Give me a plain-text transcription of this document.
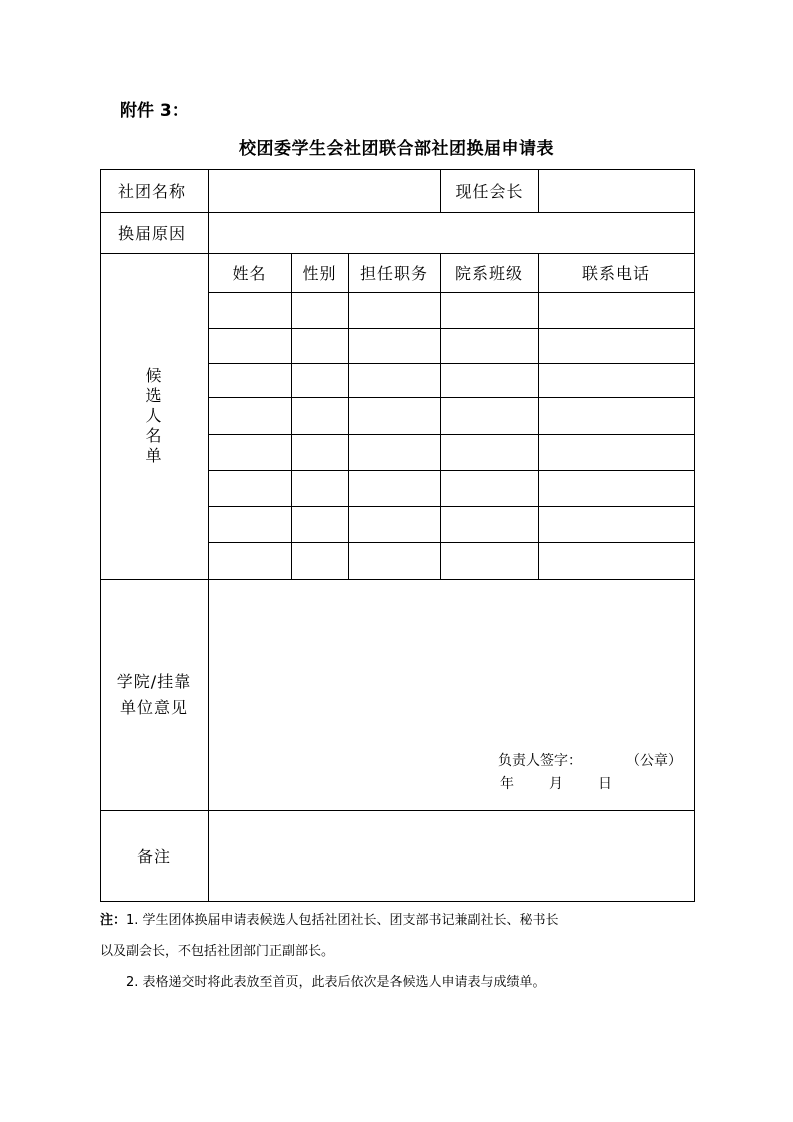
附件 3：
校团委学生会社团联合部社团换届申请表
社团名称	现任会长
换届原因
候
选
人
名
单
姓名	性别	担任职务	院系班级	联系电话
学院/挂靠
单位意见
负责人签字：	（公章）
年	月	日
备注

注：1. 学生团体换届申请表候选人包括社团社长、团支部书记兼副社长、秘书长

以及副会长，不包括社团部门正副部长。

2. 表格递交时将此表放至首页，此表后依次是各候选人申请表与成绩单。
